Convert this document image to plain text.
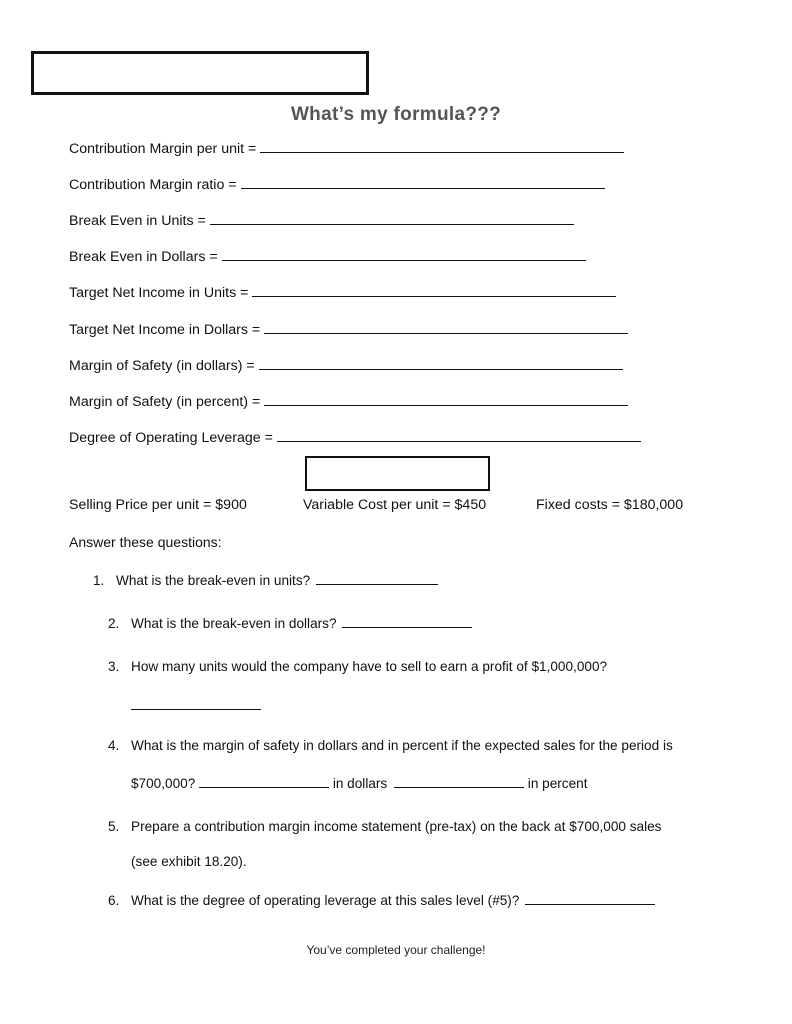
What’s my formula???
Contribution Margin per unit =
Contribution Margin ratio =
Break Even in Units =
Break Even in Dollars =
Target Net Income in Units =
Target Net Income in Dollars =
Margin of Safety (in dollars) =
Margin of Safety (in percent) =
Degree of Operating Leverage =
Selling Price per unit = $900	Variable Cost per unit = $450	Fixed costs = $180,000
Answer these questions:
1. What is the break-even in units?
2. What is the break-even in dollars?
3. How many units would the company have to sell to earn a profit of $1,000,000?
4. What is the margin of safety in dollars and in percent if the expected sales for the period is
$700,000?	in dollars	in percent
5. Prepare a contribution margin income statement (pre-tax) on the back at $700,000 sales
(see exhibit 18.20).
6. What is the degree of operating leverage at this sales level (#5)?
You’ve completed your challenge!
